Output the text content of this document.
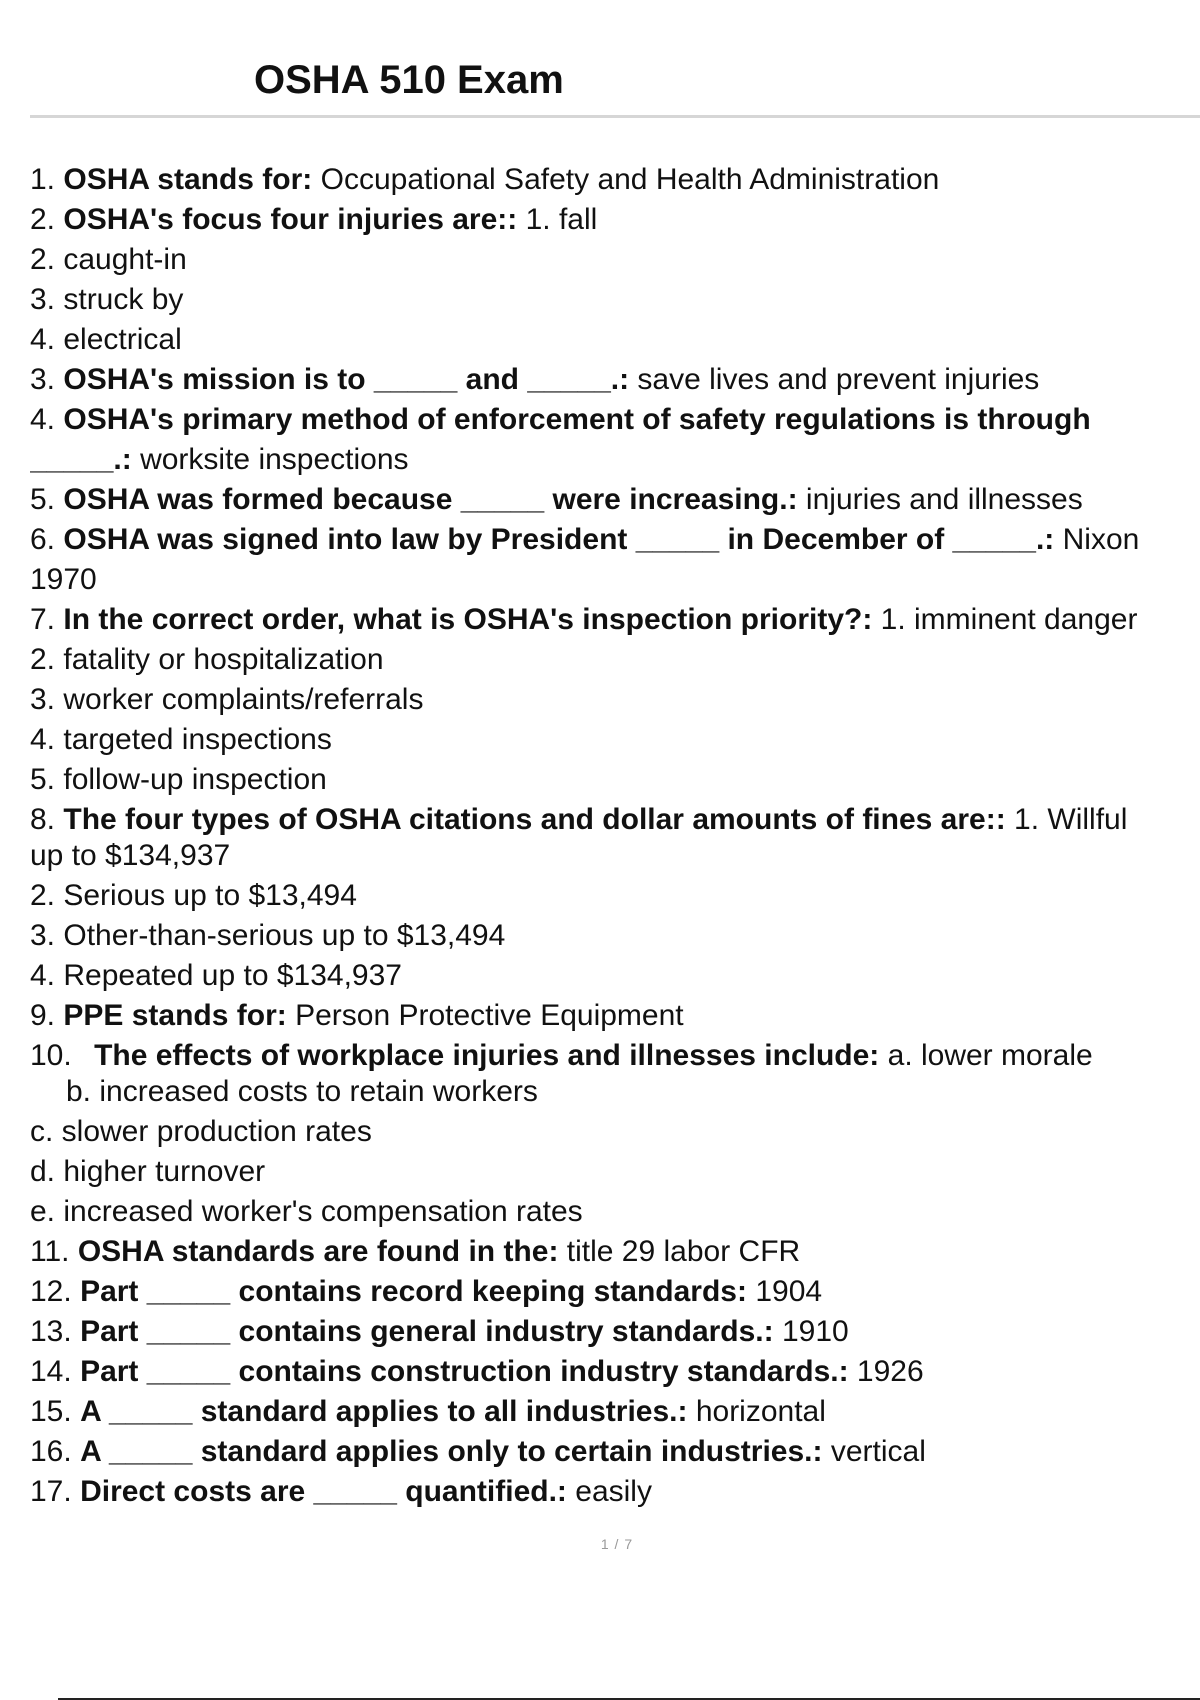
OSHA 510 Exam
1. OSHA stands for: Occupational Safety and Health Administration
2. OSHA's focus four injuries are:: 1. fall
2. caught-in
3. struck by
4. electrical
3. OSHA's mission is to _____ and _____.: save lives and prevent injuries
4. OSHA's primary method of enforcement of safety regulations is through
_____.: worksite inspections
5. OSHA was formed because _____ were increasing.: injuries and illnesses
6. OSHA was signed into law by President _____ in December of _____.: Nixon
1970
7. In the correct order, what is OSHA's inspection priority?: 1. imminent danger
2. fatality or hospitalization
3. worker complaints/referrals
4. targeted inspections
5. follow-up inspection
8. The four types of OSHA citations and dollar amounts of fines are:: 1. Willful
up to $134,937
2. Serious up to $13,494
3. Other-than-serious up to $13,494
4. Repeated up to $134,937
9. PPE stands for: Person Protective Equipment
10. The effects of workplace injuries and illnesses include: a. lower morale
b. increased costs to retain workers
c. slower production rates
d. higher turnover
e. increased worker's compensation rates
11. OSHA standards are found in the: title 29 labor CFR
12. Part _____ contains record keeping standards: 1904
13. Part _____ contains general industry standards.: 1910
14. Part _____ contains construction industry standards.: 1926
15. A _____ standard applies to all industries.: horizontal
16. A _____ standard applies only to certain industries.: vertical
17. Direct costs are _____ quantified.: easily
1 / 7
